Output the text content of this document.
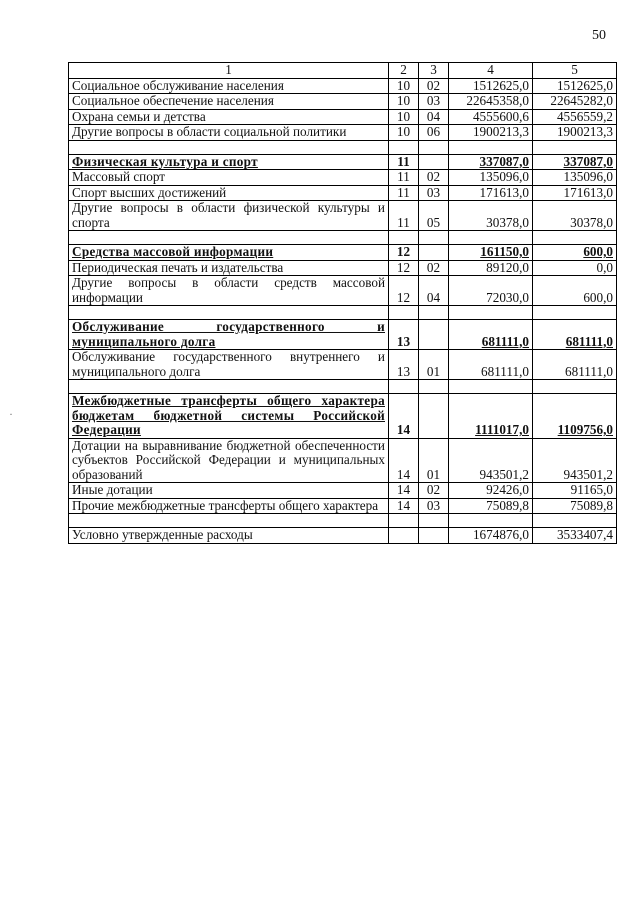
50
·
1	2	3	4	5
Социальное обслуживание населения	10	02	1512625,0	1512625,0
Социальное обеспечение населения	10	03	22645358,0	22645282,0
Охрана семьи и детства	10	04	4555600,6	4556559,2
Другие вопросы в области социальной политики	10	06	1900213,3	1900213,3

Физическая культура и спорт	11		337087,0	337087,0
Массовый спорт	11	02	135096,0	135096,0
Спорт высших достижений	11	03	171613,0	171613,0
Другие вопросы в области физической культуры и спорта	11	05	30378,0	30378,0

Средства массовой информации	12		161150,0	600,0
Периодическая печать и издательства	12	02	89120,0	0,0
Другие вопросы в области средств массовой информации	12	04	72030,0	600,0

Обслуживание государственного и муниципального долга	13		681111,0	681111,0
Обслуживание государственного внутреннего и муниципального долга	13	01	681111,0	681111,0

Межбюджетные трансферты общего характера бюджетам бюджетной системы Российской Федерации	14		1111017,0	1109756,0
Дотации на выравнивание бюджетной обеспеченности субъектов Российской Федерации и муниципальных образований	14	01	943501,2	943501,2
Иные дотации	14	02	92426,0	91165,0
Прочие межбюджетные трансферты общего характера	14	03	75089,8	75089,8

Условно утвержденные расходы			1674876,0	3533407,4
